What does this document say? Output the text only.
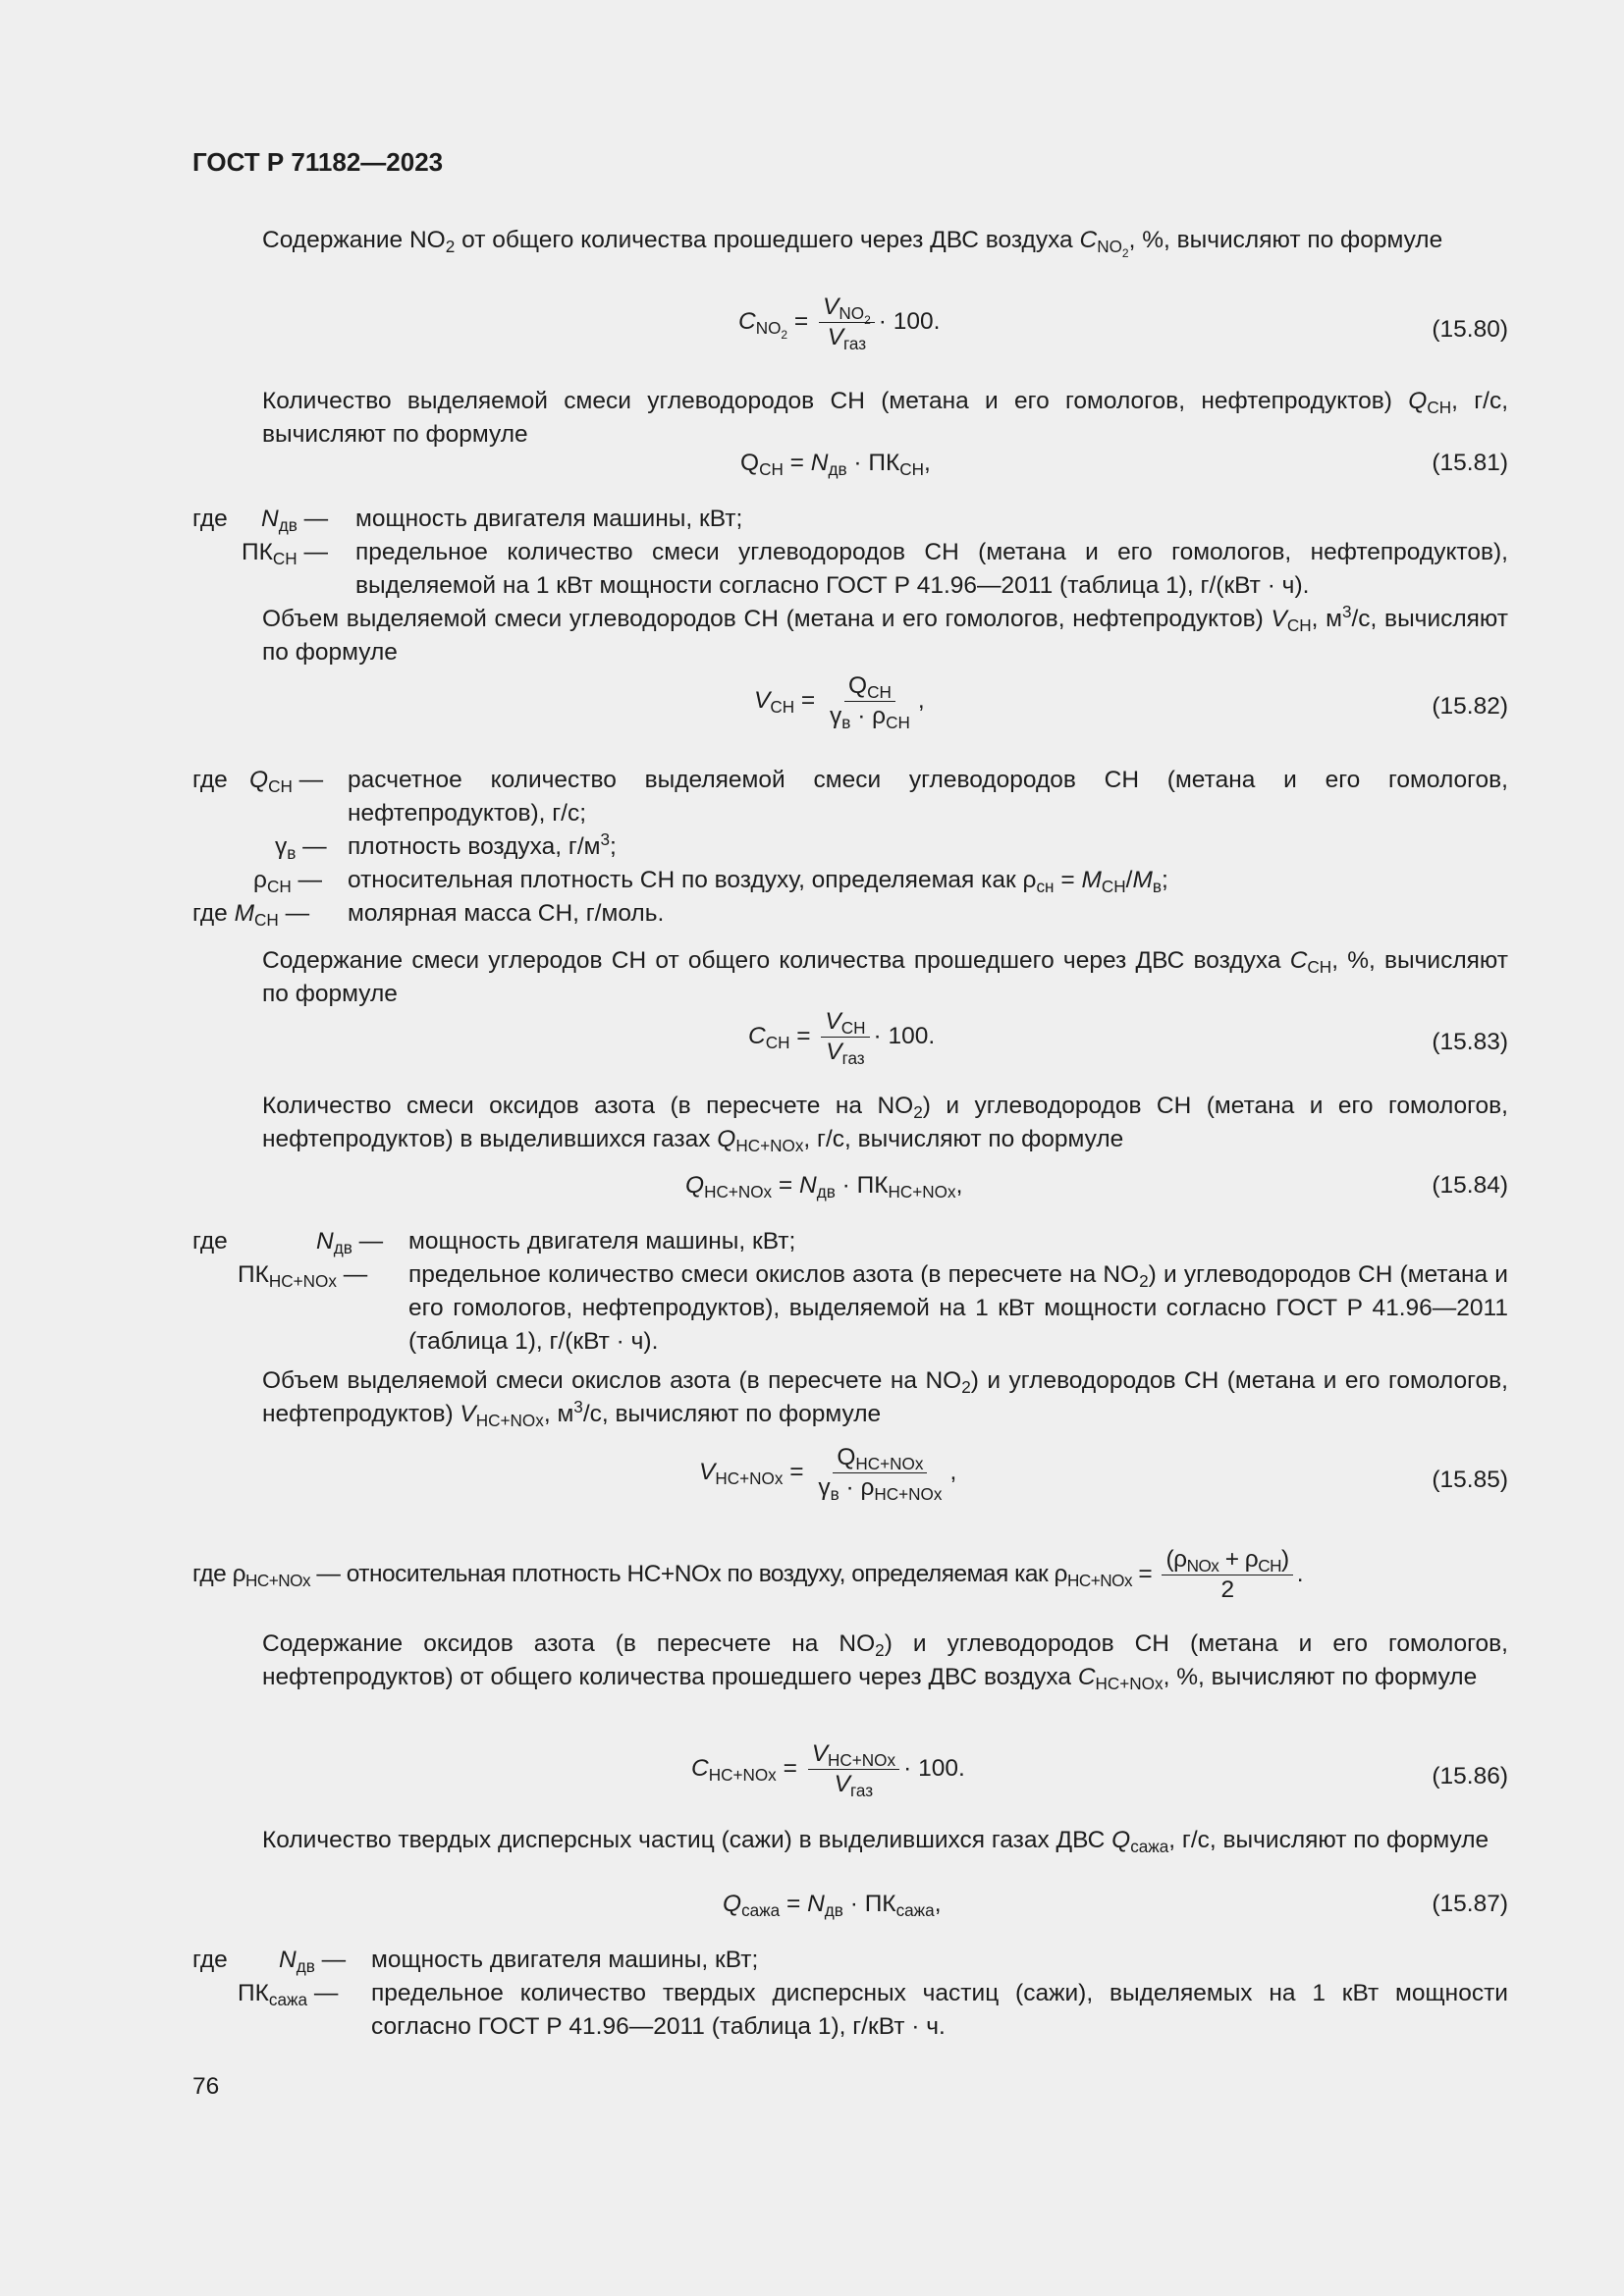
ГОСТ Р 71182—2023
Содержание $NO_2$ от общего количества прошедшего через ДВС воздуха $C_{NO_2}$, %, вычисляют по формуле
$C_{NO_2} = \frac{V_{NO_2}}{V_{газ}} \cdot 100$.	(15.80)
Количество выделяемой смеси углеводородов СН (метана и его гомологов, нефтепродуктов) $Q_{CH}$, г/с, вычисляют по формуле
$Q_{CH} = N_{дв} \cdot ПК_{CH}$,	(15.81)
где $N_{дв}$ —	мощность двигателя машины, кВт;
$ПК_{CH}$ —	предельное количество смеси углеводородов СН (метана и его гомологов, нефтепродуктов), выделяемой на 1 кВт мощности согласно ГОСТ Р 41.96—2011 (таблица 1), г/(кВт · ч).
Объем выделяемой смеси углеводородов СН (метана и его гомологов, нефтепродуктов) $V_{CH}$, $м^3/с$, вычисляют по формуле
$V_{CH} = \frac{Q_{CH}}{\gamma_в \cdot \rho_{CH}}$ ,	(15.82)
где $Q_{CH}$ —	расчетное количество выделяемой смеси углеводородов СН (метана и его гомологов, нефтепродуктов), г/с;
$\gamma_в$ — плотность воздуха, $г/м^3$;
$\rho_{CH}$ —	относительная плотность СН по воздуху, определяемая как $\rho_{сн} = M_{CH}/M_в$;
где $M_{CH}$ —	молярная масса СН, г/моль.
Содержание смеси углеродов СН от общего количества прошедшего через ДВС воздуха $C_{CH}$, %, вычисляют по формуле
$C_{CH} = \frac{V_{CH}}{V_{газ}} \cdot 100$.	(15.83)
Количество смеси оксидов азота (в пересчете на $NO_2$) и углеводородов СН (метана и его гомологов, нефтепродуктов) в выделившихся газах $Q_{HC+NOx}$, г/с, вычисляют по формуле
$Q_{HC+NOx} = N_{дв} \cdot ПК_{HC+NOx}$,	(15.84)
где	$N_{дв}$ —	мощность двигателя машины, кВт;
$ПК_{HC+NOx}$ —	предельное количество смеси окислов азота (в пересчете на $NO_2$) и углеводородов СН (метана и его гомологов, нефтепродуктов), выделяемой на 1 кВт мощности согласно ГОСТ Р 41.96—2011 (таблица 1), г/(кВт · ч).
Объем выделяемой смеси окислов азота (в пересчете на $NO_2$) и углеводородов СН (метана и его гомологов, нефтепродуктов) $V_{HC+NOx}$, $м^3/с$, вычисляют по формуле
$V_{HC+NOx} = \frac{Q_{HC+NOx}}{\gamma_в \cdot \rho_{HC+NOx}}$ ,	(15.85)
где $\rho_{HC+NOx}$ — относительная плотность HC+NOx по воздуху, определяемая как $\rho_{HC+NOx} = \frac{(\rho_{NOx} + \rho_{CH})}{2}$ .
Содержание оксидов азота (в пересчете на $NO_2$) и углеводородов СН (метана и его гомологов, нефтепродуктов) от общего количества прошедшего через ДВС воздуха $C_{HC+NOx}$, %, вычисляют по формуле
$C_{HC+NOx} = \frac{V_{HC+NOx}}{V_{газ}} \cdot 100$.	(15.86)
Количество твердых дисперсных частиц (сажи) в выделившихся газах ДВС $Q_{сажа}$, г/с, вычисляют по формуле
$Q_{сажа} = N_{дв} \cdot ПК_{сажа}$,	(15.87)
где $N_{дв}$ —	мощность двигателя машины, кВт;
$ПК_{сажа}$ —	предельное количество твердых дисперсных частиц (сажи), выделяемых на 1 кВт мощности согласно ГОСТ Р 41.96—2011 (таблица 1), г/кВт · ч.
76
